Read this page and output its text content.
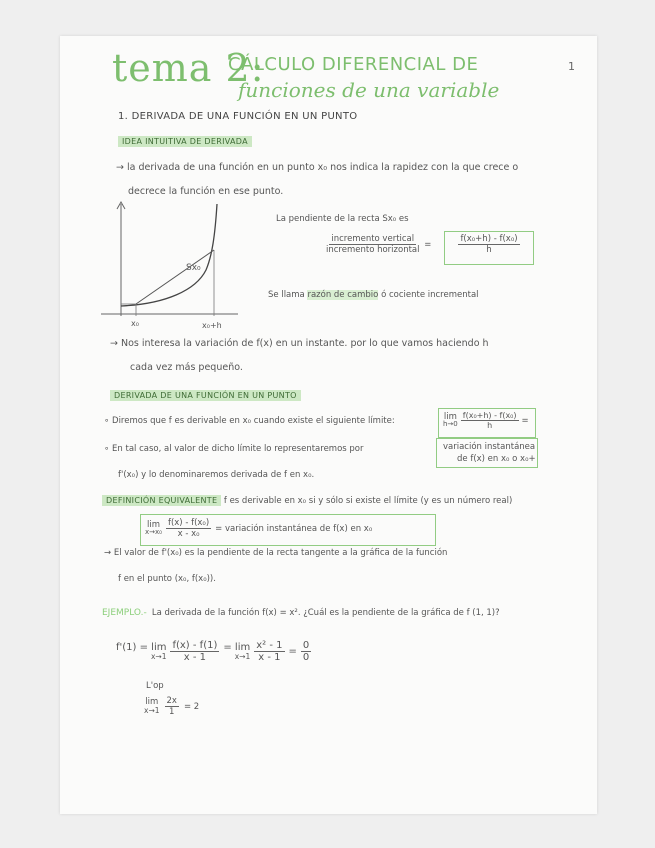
tema 2:
CÁLCULO DIFERENCIAL DE
funciones de una variable
1
1. DERIVADA DE UNA FUNCIÓN EN UN PUNTO
IDEA INTUITIVA DE DERIVADA
→ la derivada de una función en un punto x₀ nos indica la rapidez con la que crece o
decrece la función en ese punto.
Sx₀
x₀	x₀+h
La pendiente de la recta Sx₀ es
$\frac{\text{incremento vertical}}{\text{incremento horizontal}}$ =	$\frac{\text{f(x₀+h) - f(x₀)}}{h}$
Se llama razón de cambio ó cociente incremental
→ Nos interesa la variación de f(x) en un instante. por lo que vamos haciendo h
cada vez más pequeño.
DERIVADA DE UNA FUNCIÓN EN UN PUNTO
∘ Diremos que f es derivable en x₀ cuando existe el siguiente límite:	lim
$h\to 0 \frac{\text{f(x₀+h) - f(x₀)}}{h}$ =
∘ En tal caso, al valor de dicho límite lo representaremos por	variación instantánea
de f(x) en x₀ o x₀+
f'(x₀) y lo denominaremos derivada de f en x₀.
DEFINICIÓN EQUIVALENTE f es derivable en x₀ si y sólo si existe el límite (y es un número real)
lim
$x\to x_0 \frac{\text{f(x) - f(x₀)}}{\text{x - x₀}}$ = variación instantánea de f(x) en x₀
→ El valor de f'(x₀) es la pendiente de la recta tangente a la gráfica de la función
f en el punto (x₀, f(x₀)).
EJEMPLO.- La derivada de la función f(x) = x². ¿Cuál es la pendiente de la gráfica de f (1, 1)?
f'(1) = lim
$x\to 1 \frac{f(x) - f(1)}{x - 1} = \lim$
$x\to 1 \frac{\text{x² - 1}}{x - 1} = \frac{0}{0}$
L'op
lim
$x\to 1 \frac{2x}{1} = 2$
